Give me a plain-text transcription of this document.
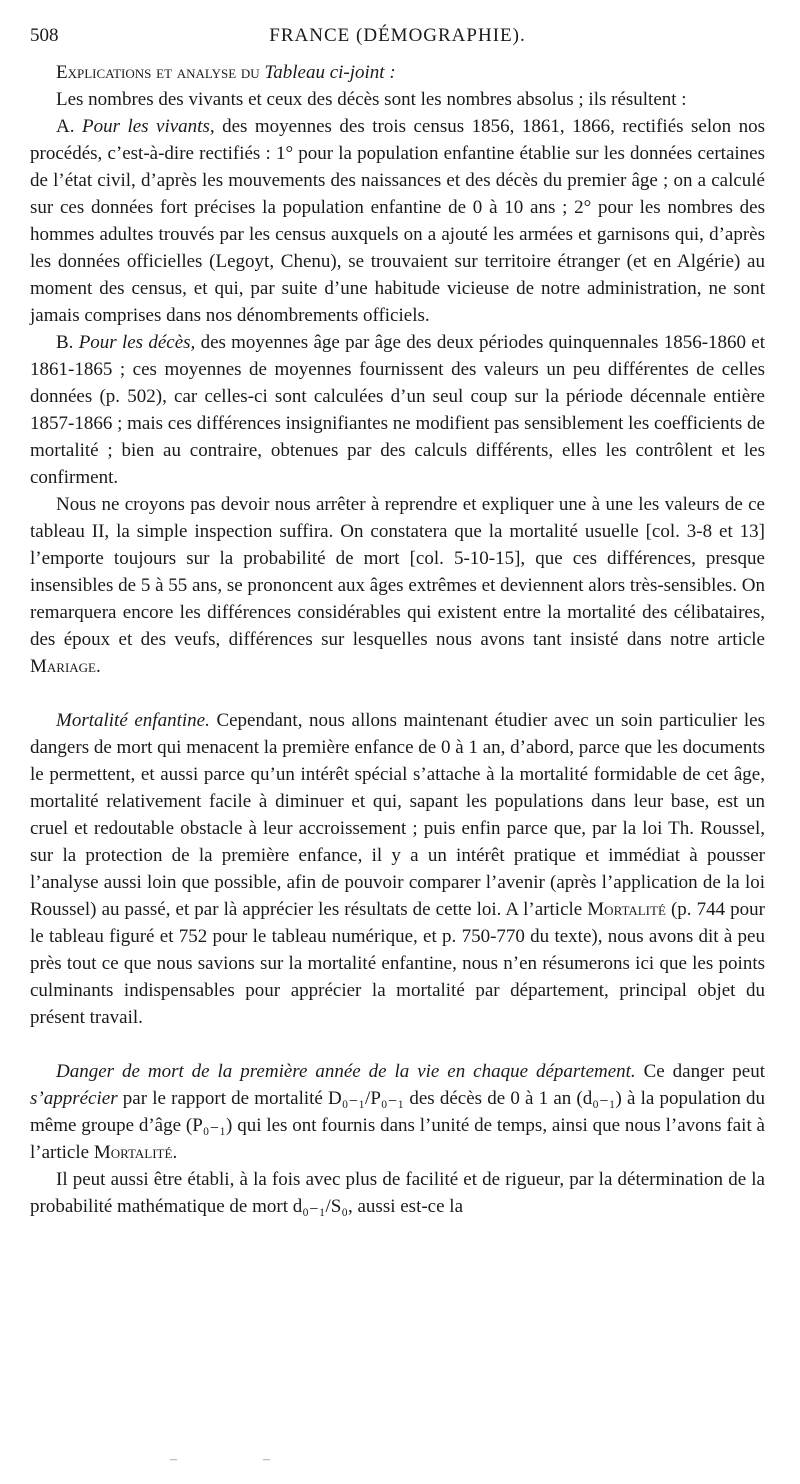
508	FRANCE (DÉMOGRAPHIE).

Explications et analyse du Tableau ci-joint :

Les nombres des vivants et ceux des décès sont les nombres absolus ; ils résultent :

A. Pour les vivants, des moyennes des trois census 1856, 1861, 1866, rectifiés selon nos procédés, c’est-à-dire rectifiés : 1° pour la population enfantine établie sur les données certaines de l’état civil, d’après les mouvements des naissances et des décès du premier âge ; on a calculé sur ces données fort précises la population enfantine de 0 à 10 ans ; 2° pour les nombres des hommes adultes trouvés par les census auxquels on a ajouté les armées et garnisons qui, d’après les données officielles (Legoyt, Chenu), se trouvaient sur territoire étranger (et en Algérie) au moment des census, et qui, par suite d’une habitude vicieuse de notre administration, ne sont jamais comprises dans nos dénombrements officiels.

B. Pour les décès, des moyennes âge par âge des deux périodes quinquennales 1856-1860 et 1861-1865 ; ces moyennes de moyennes fournissent des valeurs un peu différentes de celles données (p. 502), car celles-ci sont calculées d’un seul coup sur la période décennale entière 1857-1866 ; mais ces différences insignifiantes ne modifient pas sensiblement les coefficients de mortalité ; bien au contraire, obtenues par des calculs différents, elles les contrôlent et les confirment.

Nous ne croyons pas devoir nous arrêter à reprendre et expliquer une à une les valeurs de ce tableau II, la simple inspection suffira. On constatera que la mortalité usuelle [col. 3-8 et 13] l’emporte toujours sur la probabilité de mort [col. 5-10-15], que ces différences, presque insensibles de 5 à 55 ans, se prononcent aux âges extrêmes et deviennent alors très-sensibles. On remarquera encore les différences considérables qui existent entre la mortalité des célibataires, des époux et des veufs, différences sur lesquelles nous avons tant insisté dans notre article Mariage.

Mortalité enfantine. Cependant, nous allons maintenant étudier avec un soin particulier les dangers de mort qui menacent la première enfance de 0 à 1 an, d’abord, parce que les documents le permettent, et aussi parce qu’un intérêt spécial s’attache à la mortalité formidable de cet âge, mortalité relativement facile à diminuer et qui, sapant les populations dans leur base, est un cruel et redoutable obstacle à leur accroissement ; puis enfin parce que, par la loi Th. Roussel, sur la protection de la première enfance, il y a un intérêt pratique et immédiat à pousser l’analyse aussi loin que possible, afin de pouvoir comparer l’avenir (après l’application de la loi Roussel) au passé, et par là apprécier les résultats de cette loi. A l’article Mortalité (p. 744 pour le tableau figuré et 752 pour le tableau numérique, et p. 750-770 du texte), nous avons dit à peu près tout ce que nous savions sur la mortalité enfantine, nous n’en résumerons ici que les points culminants indispensables pour apprécier la mortalité par département, principal objet du présent travail.

Danger de mort de la première année de la vie en chaque département. Ce danger peut s’apprécier par le rapport de mortalité D₀₋₁/P₀₋₁ des décès de 0 à 1 an (d₀₋₁) à la population du même groupe d’âge (P₀₋₁) qui les ont fournis dans l’unité de temps, ainsi que nous l’avons fait à l’article Mortalité.

Il peut aussi être établi, à la fois avec plus de facilité et de rigueur, par la détermination de la probabilité mathématique de mort d₀₋₁/S₀, aussi est-ce la

–	–
